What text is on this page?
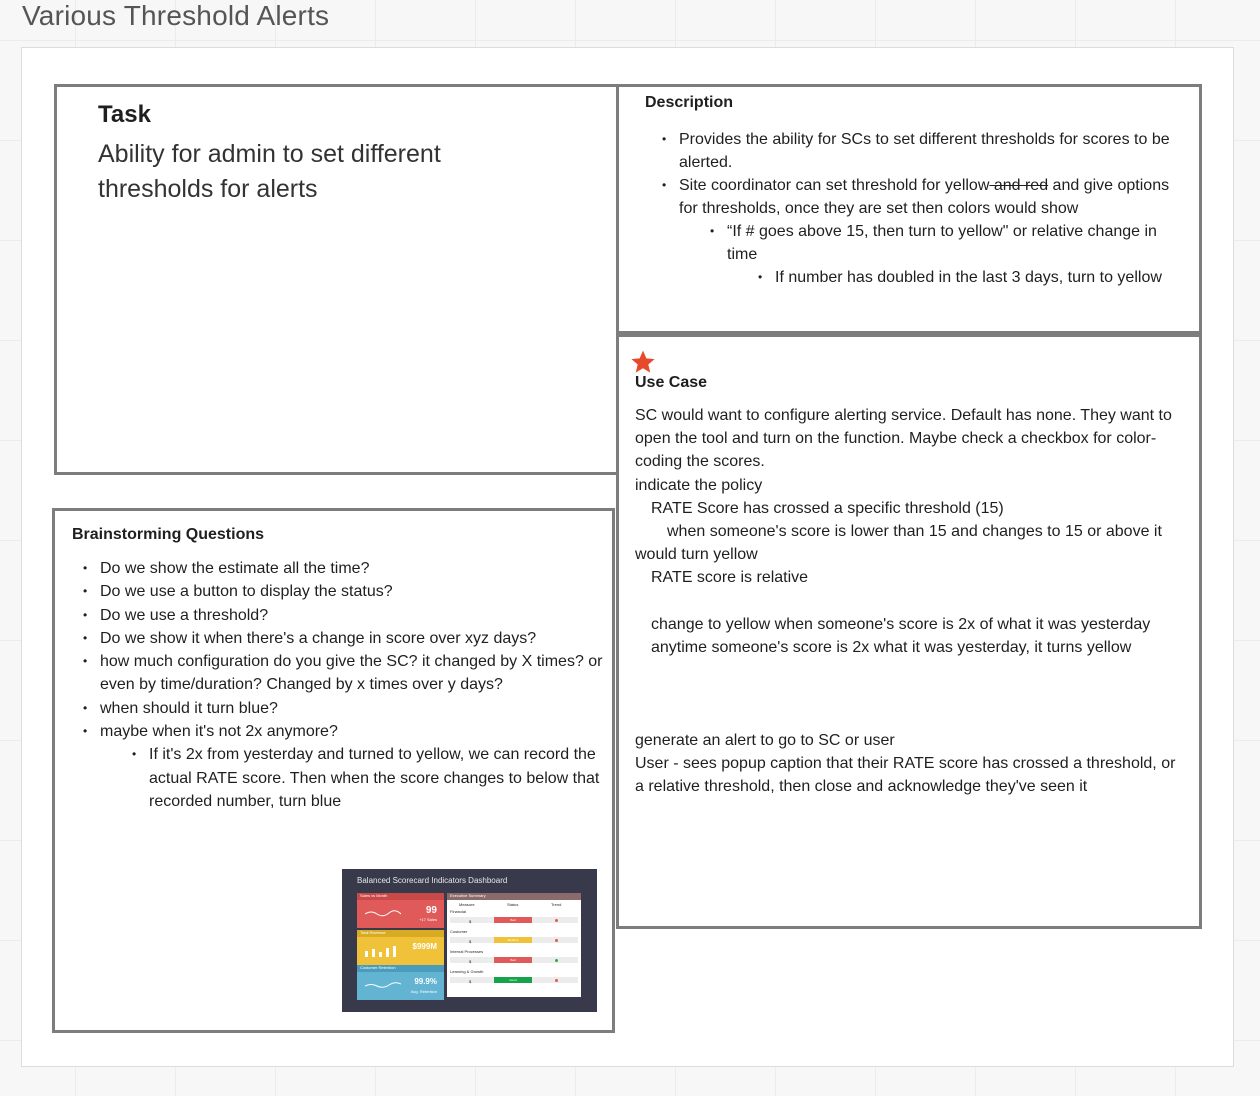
Various Threshold Alerts
Task
Ability for admin to set different thresholds for alerts
Description
• Provides the ability for SCs to set different thresholds for scores to be alerted.
• Site coordinator can set threshold for yellow and red and give options for thresholds, once they are set then colors would show
• “If # goes above 15, then turn to yellow" or relative change in time
• If number has doubled in the last 3 days, turn to yellow
Use Case

SC would want to configure alerting service. Default has none. They want to open the tool and turn on the function. Maybe check a checkbox for color-coding the scores.

indicate the policy

RATE Score has crossed a specific threshold (15)

when someone's score is lower than 15 and changes to 15 or above it would turn yellow

RATE score is relative

change to yellow when someone's score is 2x of what it was yesterday

anytime someone's score is 2x what it was yesterday, it turns yellow

generate an alert to go to SC or user

User - sees popup caption that their RATE score has crossed a threshold, or a relative threshold, then close and acknowledge they've seen it

Brainstorming Questions
• Do we show the estimate all the time?
• Do we use a button to display the status?
• Do we use a threshold?
• Do we show it when there's a change in score over xyz days?
• how much configuration do you give the SC? it changed by X times? or even by time/duration? Changed by x times over y days?
• when should it turn blue?
• maybe when it's not 2x anymore?
• If it's 2x from yesterday and turned to yellow, we can record the actual RATE score. Then when the score changes to below that recorded number, turn blue
Balanced Scorecard Indicators Dashboard
Sales vs Month
99
+17 Sales
Total Revenue
$999M
Customer Retention
99.9%
Avg. Retention
Executive Summary
Measure	Status	Trend
Financial
$	Bad
Customer
$	Medium
Internal Processes
$	Bad
Learning & Growth
$	Good
